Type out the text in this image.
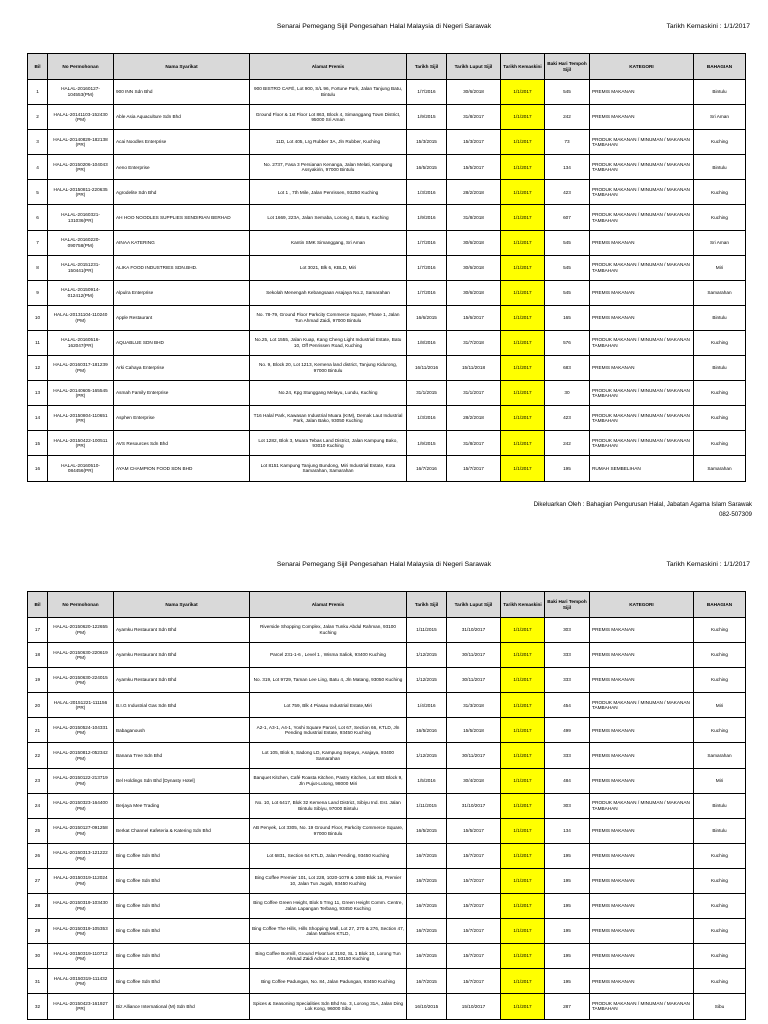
Senarai Pemegang Sijil Pengesahan Halal Malaysia di Negeri Sarawak	Tarikh Kemaskini : 1/1/2017
Bil	No Permohonan	Nama Syarikat	Alamat Premis	Tarikh Sijil	Tarikh Luput Sijil	Tarikh Kemaskini	Baki Hari Tempoh Sijil	KATEGORI	BAHAGIAN
1	HALAL-20160127-104553(PM)	900 INN Sdn Bhd	900 BISTRO CAFÉ, Lot 900, S/L 96, Fortune Park, Jalan Tanjung Batu, Bintulu	1/7/2016	30/6/2018	1/1/2017	545	PREMIS MAKANAN	Bintulu
2	HALAL-20141103-152430 (PM)	Able Asia Aquaculture Sdn Bhd	Ground Floor & 1st Floor Lot 863, Block 4, Simanggang Town District, 95000 Sri Aman	1/9/2015	31/8/2017	1/1/2017	242	PREMIS MAKANAN	Sri Aman
3	HALAL-20140829-182138 (PR)	Acai Noodles Enterprise	11D, Lot 405, Lrg Rubber 3A, Jln Rubber, Kuching	15/3/2015	15/3/2017	1/1/2017	73	PRODUK MAKANAN / MINUMAN / MAKANAN TAMBAHAN	Kuching
4	HALAL-20150206-104043 (PR)	Aeno Enterprise	No. 2737, Fasa 3 Persianan Kenanga, Jalan Melati, Kampung Assyakirin, 97000 Bintulu	16/5/2015	15/5/2017	1/1/2017	134	PRODUK MAKANAN / MINUMAN / MAKANAN TAMBAHAN	Bintulu
5	HALAL-20150811-220635 (PR)	Agrodelite Sdn Bhd	Lot 1 , 7th Mile, Jalan Penrissen, 93250 Kuching	1/3/2016	28/2/2018	1/1/2017	423	PRODUK MAKANAN / MINUMAN / MAKANAN TAMBAHAN	Kuching
6	HALAL-20160321-131036(PR)	AH HOO NOODLES SUPPLIES SENDIRIAN BERHAD	Lot 1669, 223A, Jalan Semaba, Lorong 4, Batu 5, Kuching	1/9/2016	31/8/2018	1/1/2017	607	PRODUK MAKANAN / MINUMAN / MAKANAN TAMBAHAN	Kuching
7	HALAL-20160220-090758(PM)	AINAA KATERING	Kantin SMK Simanggang, Sri Aman	1/7/2016	30/6/2018	1/1/2017	545	PREMIS MAKANAN	Sri Aman
8	HALAL-20151231-150441(PR)	ALIKA FOOD INDUSTRIES SDN.BHD.	Lot 3021, Blk 6, KBLD, Miri	1/7/2016	30/6/2018	1/1/2017	545	PRODUK MAKANAN / MINUMAN / MAKANAN TAMBAHAN	Miri
9	HALAL-20150914-012412(PM)	Alpulra Enterprise	Sekolah Menengah Kebangsaan Asajaya No.2, Samarahan	1/7/2016	30/6/2018	1/1/2017	545	PREMIS MAKANAN	Samarahan
10	HALAL-20131104-110240 (PM)	Apple Restaurant	No. 78-79, Ground Floor Parkcity Commerce Square, Phase 1, Jalan Tun Ahmad Zaidi, 97000 Bintulu	16/6/2015	15/6/2017	1/1/2017	165	PREMIS MAKANAN	Bintulu
11	HALAL-20160516-162047(PR)	AQUABLUE SDN BHD	No.25, Lot 1555, Jalan Kuap, Kang Cheng Light Industrial Estate, Batu 10, Off Penrissen Road, Kuching	1/8/2016	31/7/2018	1/1/2017	576	PRODUK MAKANAN / MINUMAN / MAKANAN TAMBAHAN	Kuching
12	HALAL-20160317-181239 (PM)	Arki Cahaya Enterprise	No. 9, Block 20, Lot 1213, Kemena land district, Tanjung Kidurong, 97000 Bintulu	16/11/2016	15/11/2018	1/1/2017	683	PREMIS MAKANAN	Bintulu
13	HALAL-20140605-165545 (PR)	Asmah Family Enterprise	No.24, Kpg Stunggang Melayu, Lundu, Kuching	31/1/2015	31/1/2017	1/1/2017	30	PRODUK MAKANAN / MINUMAN / MAKANAN TAMBAHAN	Kuching
14	HALAL-20150804-110651 (PR)	Asphen Enterprise	T16 Halal Park, Kawasan Industrial Muara (KIM), Demak Laut Industrial Park, Jalan Bako, 93050 Kuching	1/3/2016	28/2/2018	1/1/2017	423	PRODUK MAKANAN / MINUMAN / MAKANAN TAMBAHAN	Kuching
15	HALAL-20150422-100511 (PR)	AVS Resources Sdn Bhd	Lot 1282, Blok 3, Muara Tebas Land District, Jalan Kampung Bako, 93010 Kuching	1/9/2015	31/8/2017	1/1/2017	242	PRODUK MAKANAN / MINUMAN / MAKANAN TAMBAHAN	Kuching
16	HALAL-20160510-084456(PR)	AYAM CHAMPION FOOD SDN BHD	Lot 8151 Kampung Tanjung Bundong, Miri Industrial Estate, Kota Samarahan, Samarahan	16/7/2016	15/7/2017	1/1/2017	195	RUMAH SEMBELIHAN	Samarahan
Dikeluarkan Oleh : Bahagian Pengurusan Halal, Jabatan Agama Islam Sarawak
082-507309
Senarai Pemegang Sijil Pengesahan Halal Malaysia di Negeri Sarawak	Tarikh Kemaskini : 1/1/2017
Bil	No Permohonan	Nama Syarikat	Alamat Premis	Tarikh Sijil	Tarikh Luput Sijil	Tarikh Kemaskini	Baki Hari Tempoh Sijil	KATEGORI	BAHAGIAN
17	HALAL-20150620-122655 (PM)	Ayamku Restaurant Sdn Bhd	Riverside Shopping Complex, Jalan Tunku Abdul Rahman, 93100 Kuching	1/11/2015	31/10/2017	1/1/2017	303	PREMIS MAKANAN	Kuching
18	HALAL-20150630-220619 (PM)	Ayamku Restaurant Sdn Bhd	Parcel 231-1-6 , Level 1 , Wisma Saliok, 93400 Kuching	1/12/2015	30/11/2017	1/1/2017	333	PREMIS MAKANAN	Kuching
19	HALAL-20150630-224015 (PM)	Ayamku Restaurant Sdn Bhd	No. 319, Lot 9729, Taman Lee Ling, Batu 4, Jln Matang, 93050 Kuching	1/12/2015	30/11/2017	1/1/2017	333	PREMIS MAKANAN	Kuching
20	HALAL-20151221-111156 (PR)	B.I.G Industrial Gas Sdn Bhd	Lot 759, Blk 4 Piasau Industrial Estate,Miri	1/4/2016	31/3/2018	1/1/2017	454	PRODUK MAKANAN / MINUMAN / MAKANAN TAMBAHAN	Miri
21	HALAL-20150524-104331 (PM)	Babaganoush	A2-1, A3-1, A4-1, Yoshi Square Parcel, Lot 67, Section 66, KTLD, Jln Pending Industrial Estate, 93450 Kuching	16/5/2016	15/5/2018	1/1/2017	499	PREMIS MAKANAN	Kuching
22	HALAL-20150812-052342 (PM)	Banana Tree Sdn Bhd	Lot 105, Blok 5, Sadong LD, Kampung Sepayo, Asajaya, 93400 Samarahan	1/12/2015	30/11/2017	1/1/2017	333	PREMIS MAKANAN	Samarahan
23	HALAL-20150122-213719 (PM)	Bel Holdings Sdn Bhd [Dynasty Hotel]	Banquet Kitchen, Café Roasta Kitchen, Pastry Kitchen, Lot 683 Block 9, Jln Pujut-Lutong, 98000 Miri	1/5/2016	30/4/2018	1/1/2017	484	PREMIS MAKANAN	Miri
24	HALAL-20150323-164400 (PM)	Berjaya Mee Trading	No. 10, Lot 6417, Blok 32 Kemena Land District, Sibiyu Ind. Est. Jalan Bintulu Sibiyu, 97000 Bintulu	1/11/2015	31/10/2017	1/1/2017	303	PRODUK MAKANAN / MINUMAN / MAKANAN TAMBAHAN	Bintulu
25	HALAL-20150127-091258 (PM)	Berkat Channel Kafeteria & Katering Sdn Bhd	AB Penyek, Lot 3305, No. 19 Ground Floor, Parkcity Commerce Square, 97000 Bintulu	16/5/2015	15/5/2017	1/1/2017	134	PREMIS MAKANAN	Bintulu
26	HALAL-20150313-121222 (PM)	Bing Coffee Sdn Bhd	Lot 6831, Section 64 KTLD, Jalan Pending, 93450 Kuching	16/7/2015	15/7/2017	1/1/2017	195	PREMIS MAKANAN	Kuching
27	HALAL-20150319-112024 (PM)	Bing Coffee Sdn Bhd	Bing Coffee Premier 101, Lot 228, 1020-1079 & 1080 Blok 16, Premier 10, Jalan Tun Jugah, 93450 Kuching	16/7/2015	15/7/2017	1/1/2017	195	PREMIS MAKANAN	Kuching
28	HALAL-20150319-103430 (PM)	Bing Coffee Sdn Bhd	Bing Coffee Green Height, Blok 5 Tmg 11, Green Height Comm. Centre, Jalan Lapangan Terbang, 93450 Kuching	16/7/2015	15/7/2017	1/1/2017	195	PREMIS MAKANAN	Kuching
29	HALAL-20150319-105353 (PM)	Bing Coffee Sdn Bhd	Bing Coffee The Hills, Hills Shopping Mall, Lot 27, 270 & 276, Section 47, Jalan Mathies KTLD,	16/7/2015	15/7/2017	1/1/2017	195	PREMIS MAKANAN	Kuching
30	HALAL-20150319-110712 (PM)	Bing Coffee Sdn Bhd	Bing Coffee Bormill, Ground Floor Lot 3192, SL 1 Blok 10, Lorong Tun Ahmad Zaidi Adruce 12, 93150 Kuching	16/7/2015	15/7/2017	1/1/2017	195	PREMIS MAKANAN	Kuching
31	HALAL-20150319-111432 (PM)	Bing Coffee Sdn Bhd	Bing Coffee Padungan, No. 84, Jalan Padungan, 93450 Kuching	16/7/2015	15/7/2017	1/1/2017	195	PREMIS MAKANAN	Kuching
32	HALAL-20150423-161927 (PR)	Biz Alliance International (M) Sdn Bhd	Spices & Seasoning Specialities Sdn Bhd No. 3, Lorong 31A, Jalan Ding Lok Kong, 96000 Sibu	16/10/2015	15/10/2017	1/1/2017	287	PRODUK MAKANAN / MINUMAN / MAKANAN TAMBAHAN	Sibu
